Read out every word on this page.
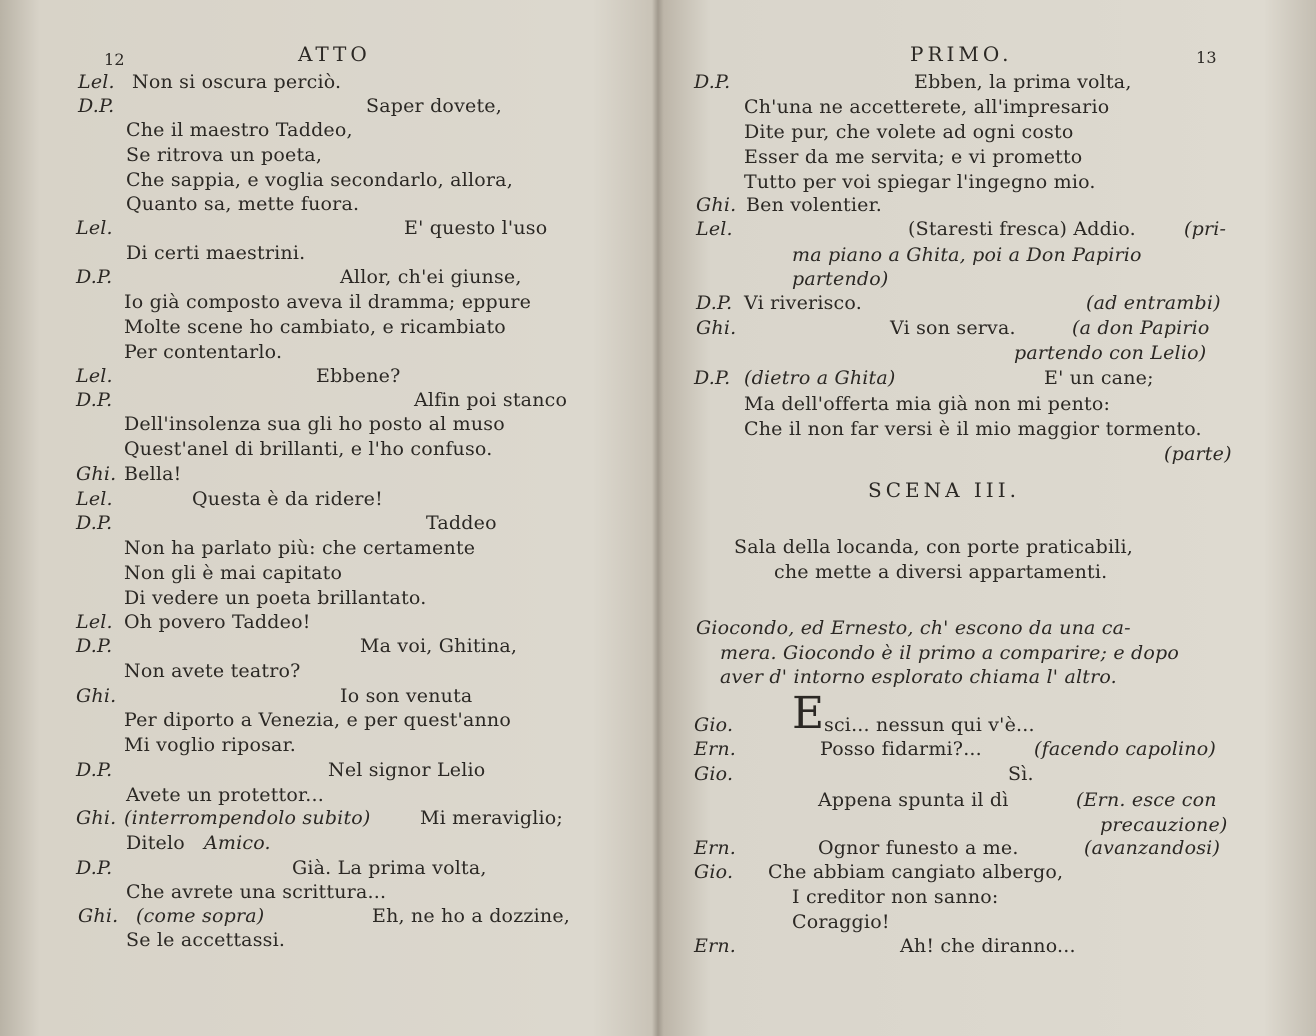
12	ATTO
Lel. Non si oscura perciò.
D.P.	Saper dovete,
Che il maestro Taddeo,
Se ritrova un poeta,
Che sappia, e voglia secondarlo, allora,
Quanto sa, mette fuora.
Lel.	E' questo l'uso
Di certi maestrini.
D.P.	Allor, ch'ei giunse,
Io già composto aveva il dramma; eppure
Molte scene ho cambiato, e ricambiato
Per contentarlo.
Lel.	Ebbene?
D.P.	Alfin poi stanco
Dell'insolenza sua gli ho posto al muso
Quest'anel di brillanti, e l'ho confuso.
Ghi. Bella!
Lel.	Questa è da ridere!
D.P.	Taddeo
Non ha parlato più: che certamente
Non gli è mai capitato
Di vedere un poeta brillantato.
Lel. Oh povero Taddeo!
D.P.	Ma voi, Ghitina,
Non avete teatro?
Ghi.	Io son venuta
Per diporto a Venezia, e per quest'anno
Mi voglio riposar.
D.P.	Nel signor Lelio
Avete un protettor...
Ghi. (interrompendolo subito)	Mi meraviglio;
Ditelo Amico.
D.P.	Già. La prima volta,
Che avrete una scrittura...
Ghi. (come sopra)	Eh, ne ho a dozzine,
Se le accettassi.
PRIMO.	13
D.P.	Ebben, la prima volta,
Ch'una ne accetterete, all'impresario
Dite pur, che volete ad ogni costo
Esser da me servita; e vi prometto
Tutto per voi spiegar l'ingegno mio.
Ghi. Ben volentier.
Lel.	(Staresti fresca) Addio.	(pri-
ma piano a Ghita, poi a Don Papirio
partendo)
D.P. Vi riverisco.	(ad entrambi)
Ghi.	Vi son serva.	(a don Papirio
partendo con Lelio)
D.P. (dietro a Ghita)	E' un cane;
Ma dell'offerta mia già non mi pento:
Che il non far versi è il mio maggior tormento.
(parte)
SCENA III.
Sala della locanda, con porte praticabili,
che mette a diversi appartamenti.
Giocondo, ed Ernesto, ch' escono da una ca-
mera. Giocondo è il primo a comparire; e dopo
aver d' intorno esplorato chiama l' altro.
Gio. E sci... nessun qui v'è...
Ern.	Posso fidarmi?...	(facendo capolino)
Gio.	Sì.
Appena spunta il dì	(Ern. esce con
precauzione)
Ern.	Ognor funesto a me.	(avanzandosi)
Gio. Che abbiam cangiato albergo,
I creditor non sanno:
Coraggio!
Ern.	Ah! che diranno...
